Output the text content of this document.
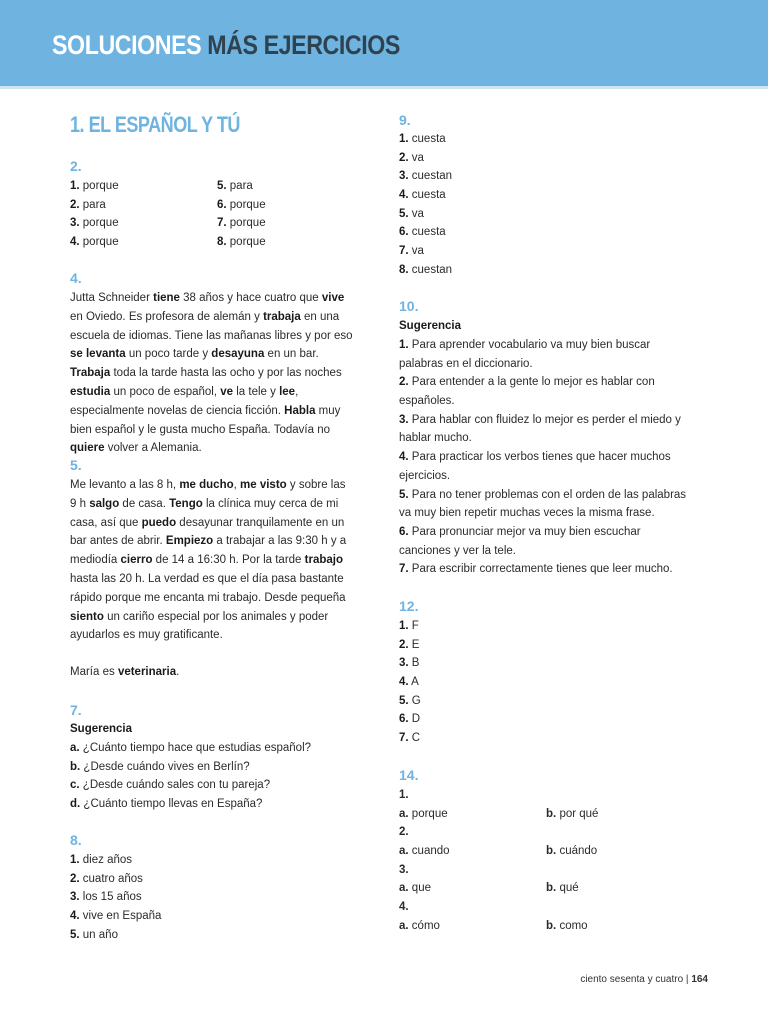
SOLUCIONES MÁS EJERCICIOS
1. EL ESPAÑOL Y TÚ
2.
1. porque
2. para
3. porque
4. porque
5. para
6. porque
7. porque
8. porque
4.

Jutta Schneider tiene 38 años y hace cuatro que vive en Oviedo. Es profesora de alemán y trabaja en una escuela de idiomas. Tiene las mañanas libres y por eso se levanta un poco tarde y desayuna en un bar. Trabaja toda la tarde hasta las ocho y por las noches estudia un poco de español, ve la tele y lee, especialmente novelas de ciencia ficción. Habla muy bien español y le gusta mucho España. Todavía no quiere volver a Alemania.

5.

Me levanto a las 8 h, me ducho, me visto y sobre las 9 h salgo de casa. Tengo la clínica muy cerca de mi casa, así que puedo desayunar tranquilamente en un bar antes de abrir. Empiezo a trabajar a las 9:30 h y a mediodía cierro de 14 a 16:30 h. Por la tarde trabajo hasta las 20 h. La verdad es que el día pasa bastante rápido porque me encanta mi trabajo. Desde pequeña siento un cariño especial por los animales y poder ayudarlos es muy gratificante.

María es veterinaria.

7.

Sugerencia

a. ¿Cuánto tiempo hace que estudias español?
b. ¿Desde cuándo vives en Berlín?
c. ¿Desde cuándo sales con tu pareja?
d. ¿Cuánto tiempo llevas en España?
8.
1. diez años
2. cuatro años
3. los 15 años
4. vive en España
5. un año
9.
1. cuesta
2. va
3. cuestan
4. cuesta
5. va
6. cuesta
7. va
8. cuestan
10.

Sugerencia

1. Para aprender vocabulario va muy bien buscar
palabras en el diccionario.
2. Para entender a la gente lo mejor es hablar con
españoles.
3. Para hablar con fluidez lo mejor es perder el miedo y
hablar mucho.
4. Para practicar los verbos tienes que hacer muchos
ejercicios.
5. Para no tener problemas con el orden de las palabras
va muy bien repetir muchas veces la misma frase.
6. Para pronunciar mejor va muy bien escuchar
canciones y ver la tele.
7. Para escribir correctamente tienes que leer mucho.
12.
1. F
2. E
3. B
4. A
5. G
6. D
7. C
14.
1.
a. porque	b. por qué
2.
a. cuando	b. cuándo
3.
a. que	b. qué
4.
a. cómo	b. como
ciento sesenta y cuatro | 164
